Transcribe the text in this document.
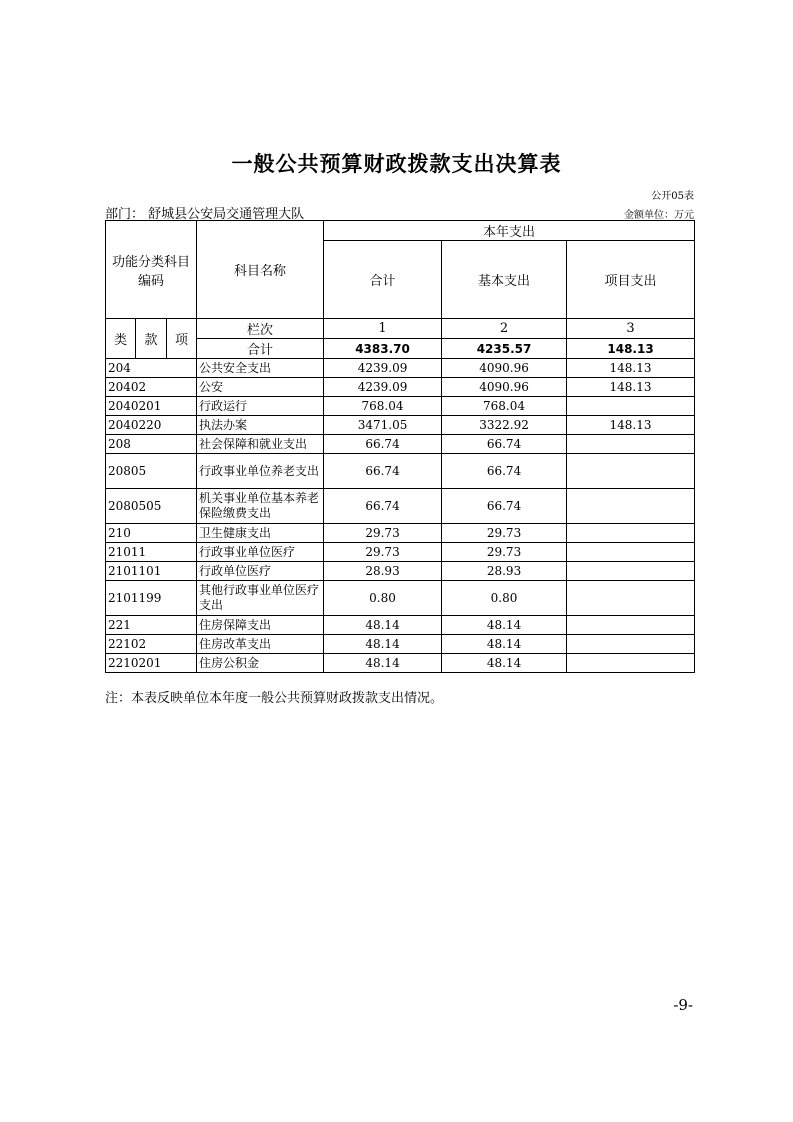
一般公共预算财政拨款支出决算表
公开05表
部门： 舒城县公安局交通管理大队	金额单位：万元
功能分类科目编码			科目名称	本年支出		
				合计	基本支出	项目支出
类	款	项	栏次	1	2	3
			合计	4383.70	4235.57	148.13
204			公共安全支出	4239.09	4090.96	148.13
20402			公安	4239.09	4090.96	148.13
2040201			行政运行	768.04	768.04	
2040220			执法办案	3471.05	3322.92	148.13
208			社会保障和就业支出	66.74	66.74	
20805			行政事业单位养老支出	66.74	66.74	
2080505			机关事业单位基本养老保险缴费支出	66.74	66.74	
210			卫生健康支出	29.73	29.73	
21011			行政事业单位医疗	29.73	29.73	
2101101			行政单位医疗	28.93	28.93	
2101199			其他行政事业单位医疗支出	0.80	0.80	
221			住房保障支出	48.14	48.14	
22102			住房改革支出	48.14	48.14	
2210201			住房公积金	48.14	48.14	
注：本表反映单位本年度一般公共预算财政拨款支出情况。
-9-
